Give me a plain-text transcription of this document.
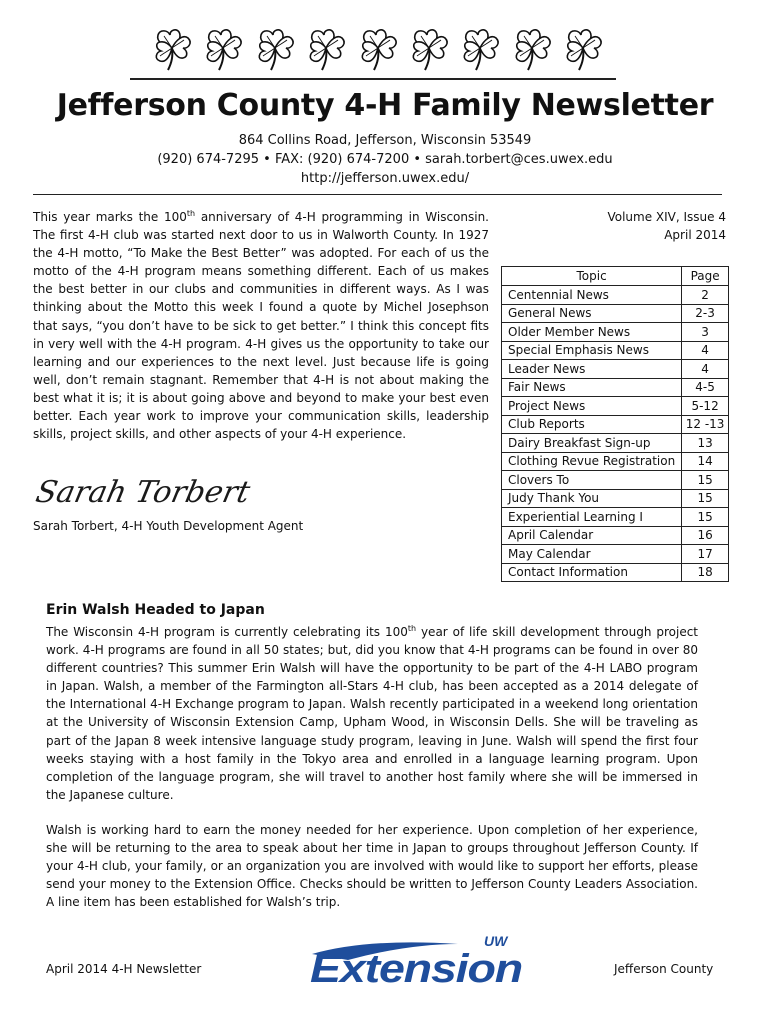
Jefferson County 4-H Family Newsletter
864 Collins Road, Jefferson, Wisconsin 53549
(920) 674-7295 • FAX: (920) 674-7200 • sarah.torbert@ces.uwex.edu
http://jefferson.uwex.edu/

This year marks the 100th anniversary of 4-H programming in Wisconsin. The first 4-H club was started next door to us in Walworth County. In 1927 the 4-H motto, “To Make the Best Better” was adopted. For each of us the motto of the 4-H program means something different. Each of us makes the best better in our clubs and communities in different ways. As I was thinking about the Motto this week I found a quote by Michel Josephson that says, “you don’t have to be sick to get better.” I think this concept fits in very well with the 4-H program. 4-H gives us the opportunity to take our learning and our experiences to the next level. Just because life is going well, don’t remain stagnant. Remember that 4-H is not about making the best what it is; it is about going above and beyond to make your best even better. Each year work to improve your communication skills, leadership skills, project skills, and other aspects of your 4-H experience.

Sarah Torbert
Sarah Torbert, 4-H Youth Development Agent
Volume XIV, Issue 4
April 2014
Topic	Page
Centennial News	2
General News	2-3
Older Member News	3
Special Emphasis News	4
Leader News	4
Fair News	4-5
Project News	5-12
Club Reports	12 -13
Dairy Breakfast Sign-up	13
Clothing Revue Registration	14
Clovers To	15
Judy Thank You	15
Experiential Learning I	15
April Calendar	16
May Calendar	17
Contact Information	18
Erin Walsh Headed to Japan

The Wisconsin 4-H program is currently celebrating its 100th year of life skill development through project work. 4-H programs are found in all 50 states; but, did you know that 4-H programs can be found in over 80 different countries? This summer Erin Walsh will have the opportunity to be part of the 4-H LABO program in Japan. Walsh, a member of the Farmington all-Stars 4-H club, has been accepted as a 2014 delegate of the International 4-H Exchange program to Japan. Walsh recently participated in a weekend long orientation at the University of Wisconsin Extension Camp, Upham Wood, in Wisconsin Dells. She will be traveling as part of the Japan 8 week intensive language study program, leaving in June. Walsh will spend the first four weeks staying with a host family in the Tokyo area and enrolled in a language learning program. Upon completion of the language program, she will travel to another host family where she will be immersed in the Japanese culture.

Walsh is working hard to earn the money needed for her experience. Upon completion of her experience, she will be returning to the area to speak about her time in Japan to groups throughout Jefferson County. If your 4-H club, your family, or an organization you are involved with would like to support her efforts, please send your money to the Extension Office. Checks should be written to Jefferson County Leaders Association. A line item has been established for Walsh’s trip.

April 2014 4-H Newsletter
UW
Extension	Jefferson County
